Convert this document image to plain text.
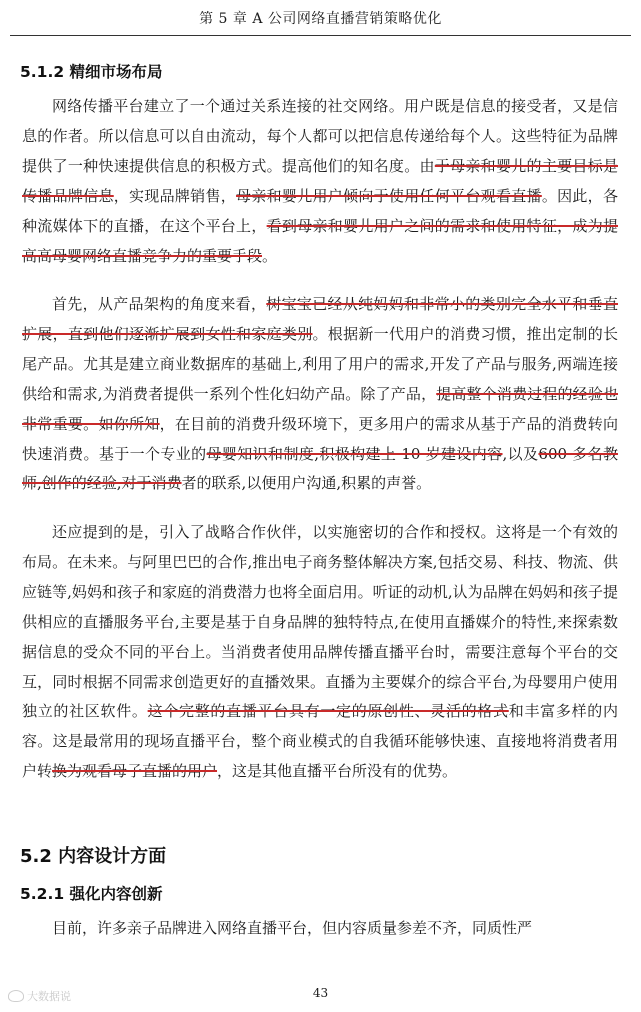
第 5 章 A 公司网络直播营销策略优化
5.1.2 精细市场布局

网络传播平台建立了一个通过关系连接的社交网络。用户既是信息的接受者，又是信息的作者。所以信息可以自由流动，每个人都可以把信息传递给每个人。这些特征为品牌提供了一种快速提供信息的积极方式。提高他们的知名度。由于母亲和婴儿的主要目标是传播品牌信息，实现品牌销售，母亲和婴儿用户倾向于使用任何平台观看直播。因此，各种流媒体下的直播，在这个平台上，看到母亲和婴儿用户之间的需求和使用特征，成为提高高母婴网络直播竞争力的重要手段。

首先，从产品架构的角度来看，树宝宝已经从纯妈妈和非常小的类别完全水平和垂直扩展，直到他们逐渐扩展到女性和家庭类别。根据新一代用户的消费习惯，推出定制的长尾产品。尤其是建立商业数据库的基础上,利用了用户的需求,开发了产品与服务,两端连接供给和需求,为消费者提供一系列个性化妇幼产品。除了产品，提高整个消费过程的经验也非常重要。如你所知，在目前的消费升级环境下，更多用户的需求从基于产品的消费转向快速消费。基于一个专业的母婴知识和制度,积极构建上 10 岁建设内容,以及600 多名教师,创作的经验,对于消费者的联系,以便用户沟通,积累的声誉。

还应提到的是，引入了战略合作伙伴，以实施密切的合作和授权。这将是一个有效的布局。在未来。与阿里巴巴的合作,推出电子商务整体解决方案,包括交易、科技、物流、供应链等,妈妈和孩子和家庭的消费潜力也将全面启用。听证的动机,认为品牌在妈妈和孩子提供相应的直播服务平台,主要是基于自身品牌的独特特点,在使用直播媒介的特性,来探索数据信息的受众不同的平台上。当消费者使用品牌传播直播平台时，需要注意每个平台的交互，同时根据不同需求创造更好的直播效果。直播为主要媒介的综合平台,为母婴用户使用独立的社区软件。这个完整的直播平台具有一定的原创性、灵活的格式和丰富多样的内容。这是最常用的现场直播平台，整个商业模式的自我循环能够快速、直接地将消费者用户转换为观看母子直播的用户，这是其他直播平台所没有的优势。

5.2 内容设计方面
5.2.1 强化内容创新

目前，许多亲子品牌进入网络直播平台，但内容质量参差不齐，同质性严

大数据说	43
